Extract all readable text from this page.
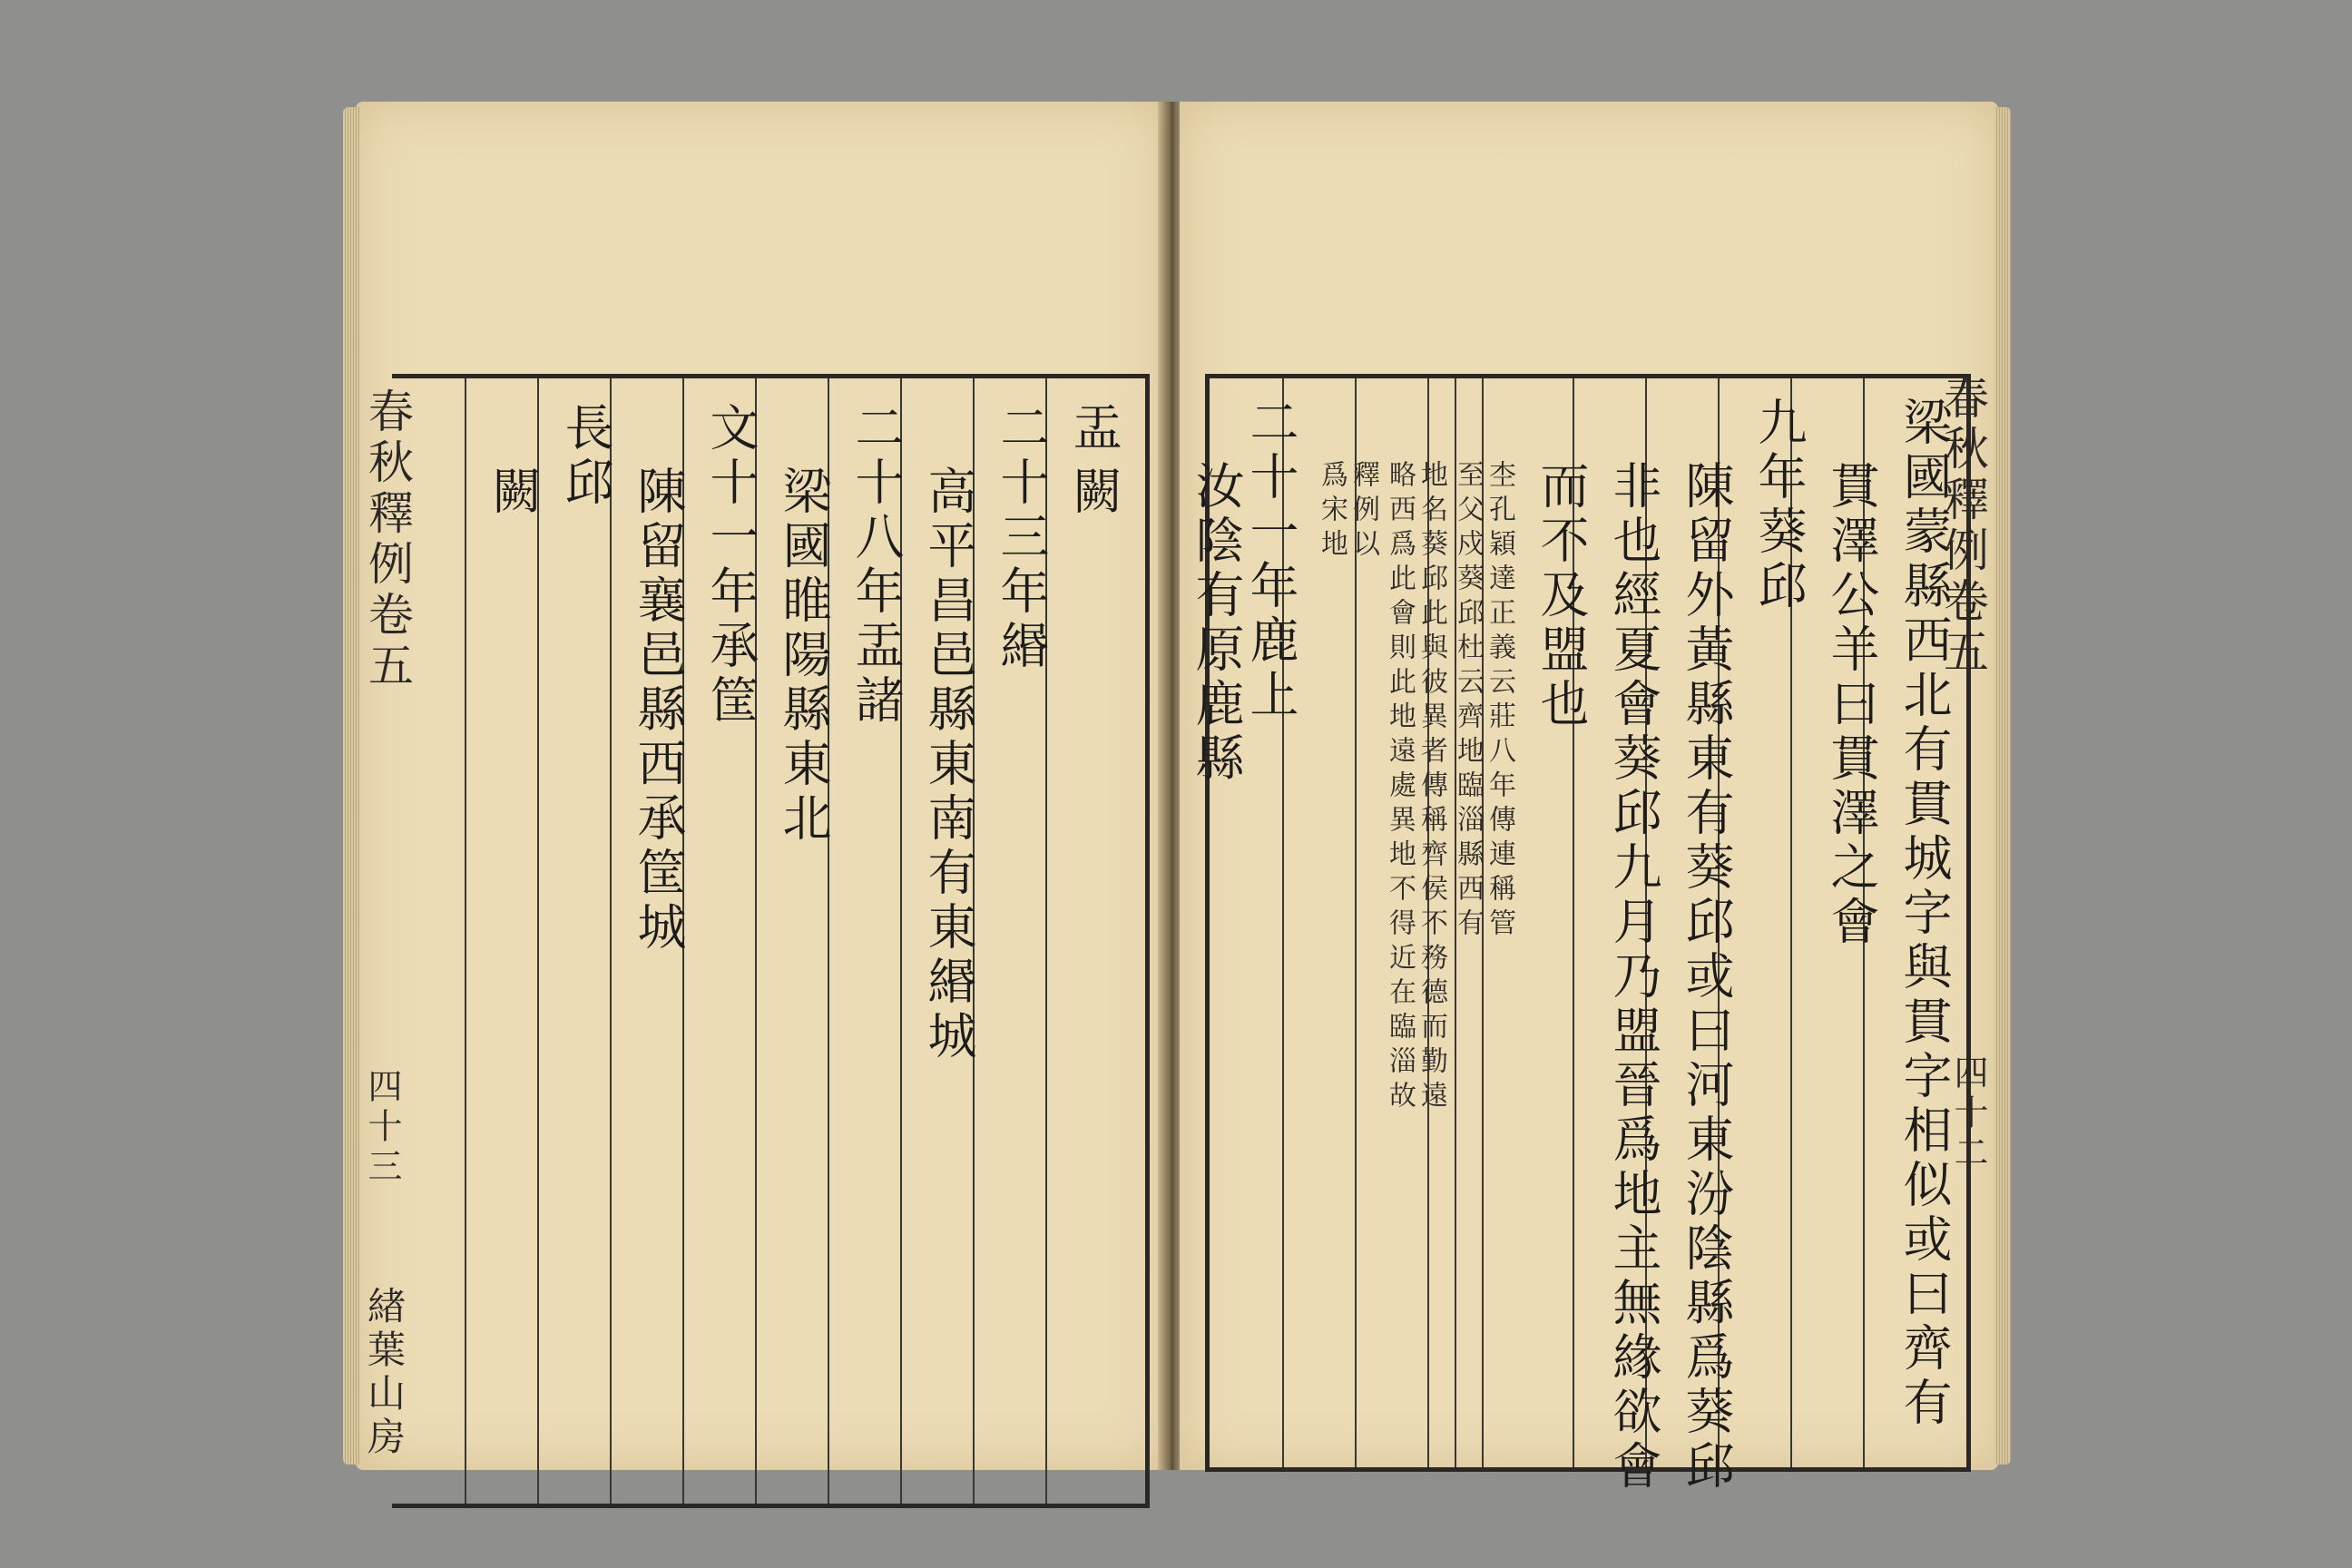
盂
闕
二十三年緡
高平昌邑縣東南有東緡城
二十八年盂諸
梁國睢陽縣東北
文十一年承筐
陳留襄邑縣西承筐城
長邱
闕
春秋釋例卷五
四十三
緖葉山房	梁國蒙縣西北有貫城字與貫字相似或曰齊有
貫澤公羊曰貫澤之會
九年葵邱
陳留外黃縣東有葵邱或曰河東汾陰縣爲葵邱
非也經夏會葵邱九月乃盟晉爲地主無緣欲會
而不及盟也
杢孔穎達正義云莊八年傳連稱管
至父戍葵邱杜云齊地臨淄縣西有
地名葵邱此與彼異者傳稱齊侯不務德而勤遠
略西爲此會則此地遠處異地不得近在臨淄故
釋例以
爲宋地
二十一年鹿上
汝陰有原鹿縣	春秋釋例卷五
四十二
